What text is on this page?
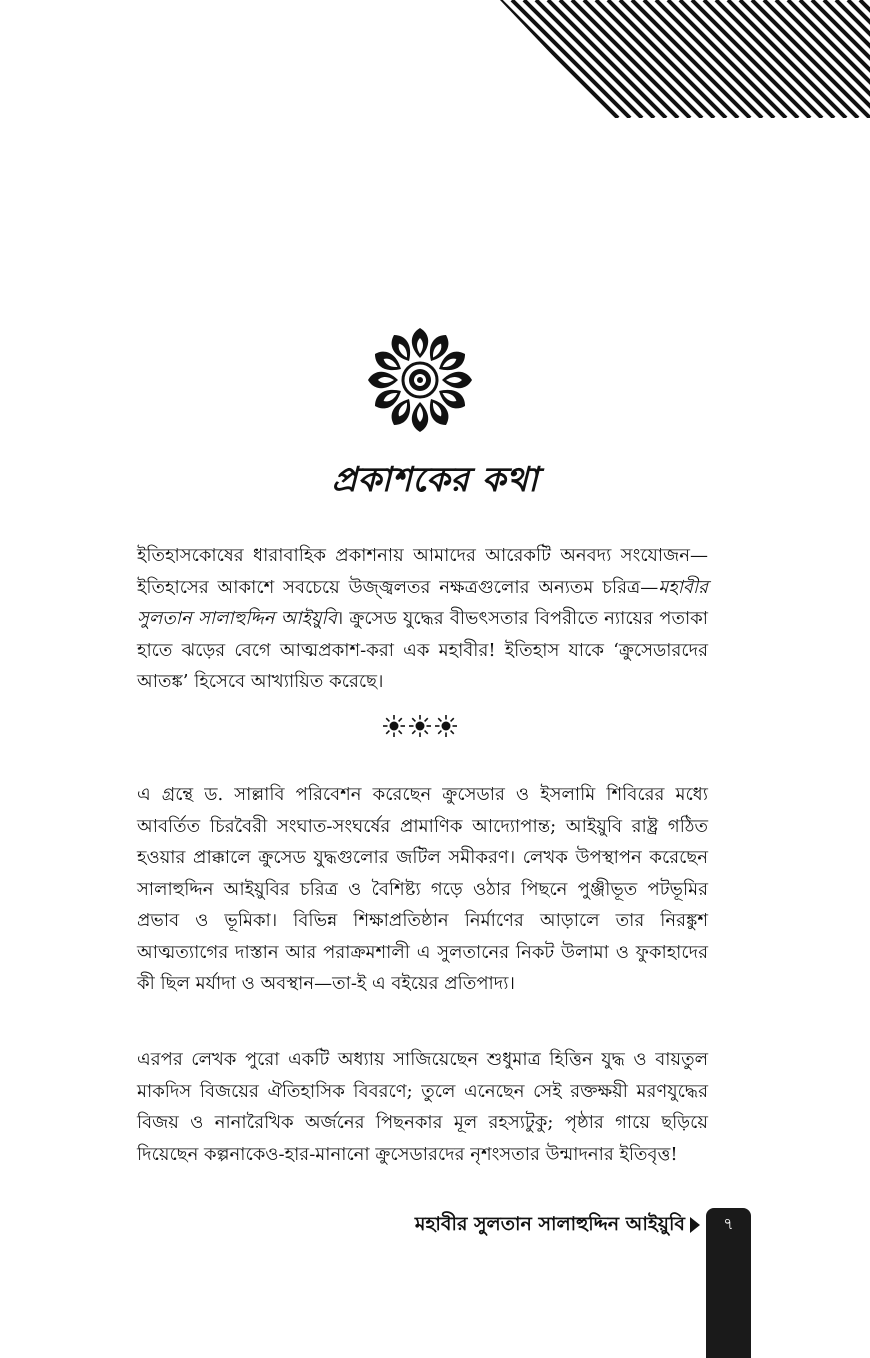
প্রকাশকের কথা
ইতিহাসকোষের ধারাবাহিক প্রকাশনায় আমাদের আরেকটি অনবদ্য সংযোজন—ইতিহাসের আকাশে সবচেয়ে উজ্জ্বলতর নক্ষত্রগুলোর অন্যতম চরিত্র—মহাবীর সুলতান সালাহুদ্দিন আইয়ুবি। ক্রুসেড যুদ্ধের বীভৎসতার বিপরীতে ন্যায়ের পতাকা হাতে ঝড়ের বেগে আত্মপ্রকাশ-করা এক মহাবীর! ইতিহাস যাকে ‘ক্রুসেডারদের আতঙ্ক’ হিসেবে আখ্যায়িত করেছে।
এ গ্রন্থে ড. সাল্লাবি পরিবেশন করেছেন ক্রুসেডার ও ইসলামি শিবিরের মধ্যে আবর্তিত চিরবৈরী সংঘাত-সংঘর্ষের প্রামাণিক আদ্যোপান্ত; আইয়ুবি রাষ্ট্র গঠিত হওয়ার প্রাক্কালে ক্রুসেড যুদ্ধগুলোর জটিল সমীকরণ। লেখক উপস্থাপন করেছেন সালাহুদ্দিন আইয়ুবির চরিত্র ও বৈশিষ্ট্য গড়ে ওঠার পিছনে পুঞ্জীভূত পটভূমির প্রভাব ও ভূমিকা। বিভিন্ন শিক্ষাপ্রতিষ্ঠান নির্মাণের আড়ালে তার নিরঙ্কুশ আত্মত্যাগের দাস্তান আর পরাক্রমশালী এ সুলতানের নিকট উলামা ও ফুকাহাদের কী ছিল মর্যাদা ও অবস্থান—তা-ই এ বইয়ের প্রতিপাদ্য।
এরপর লেখক পুরো একটি অধ্যায় সাজিয়েছেন শুধুমাত্র হিত্তিন যুদ্ধ ও বায়তুল মাকদিস বিজয়ের ঐতিহাসিক বিবরণে; তুলে এনেছেন সেই রক্তক্ষয়ী মরণযুদ্ধের বিজয় ও নানারৈখিক অর্জনের পিছনকার মূল রহস্যটুকু; পৃষ্ঠার গায়ে ছড়িয়ে দিয়েছেন কল্পনাকেও-হার-মানানো ক্রুসেডারদের নৃশংসতার উন্মাদনার ইতিবৃত্ত!
মহাবীর সুলতান সালাহুদ্দিন আইয়ুবি	৭
